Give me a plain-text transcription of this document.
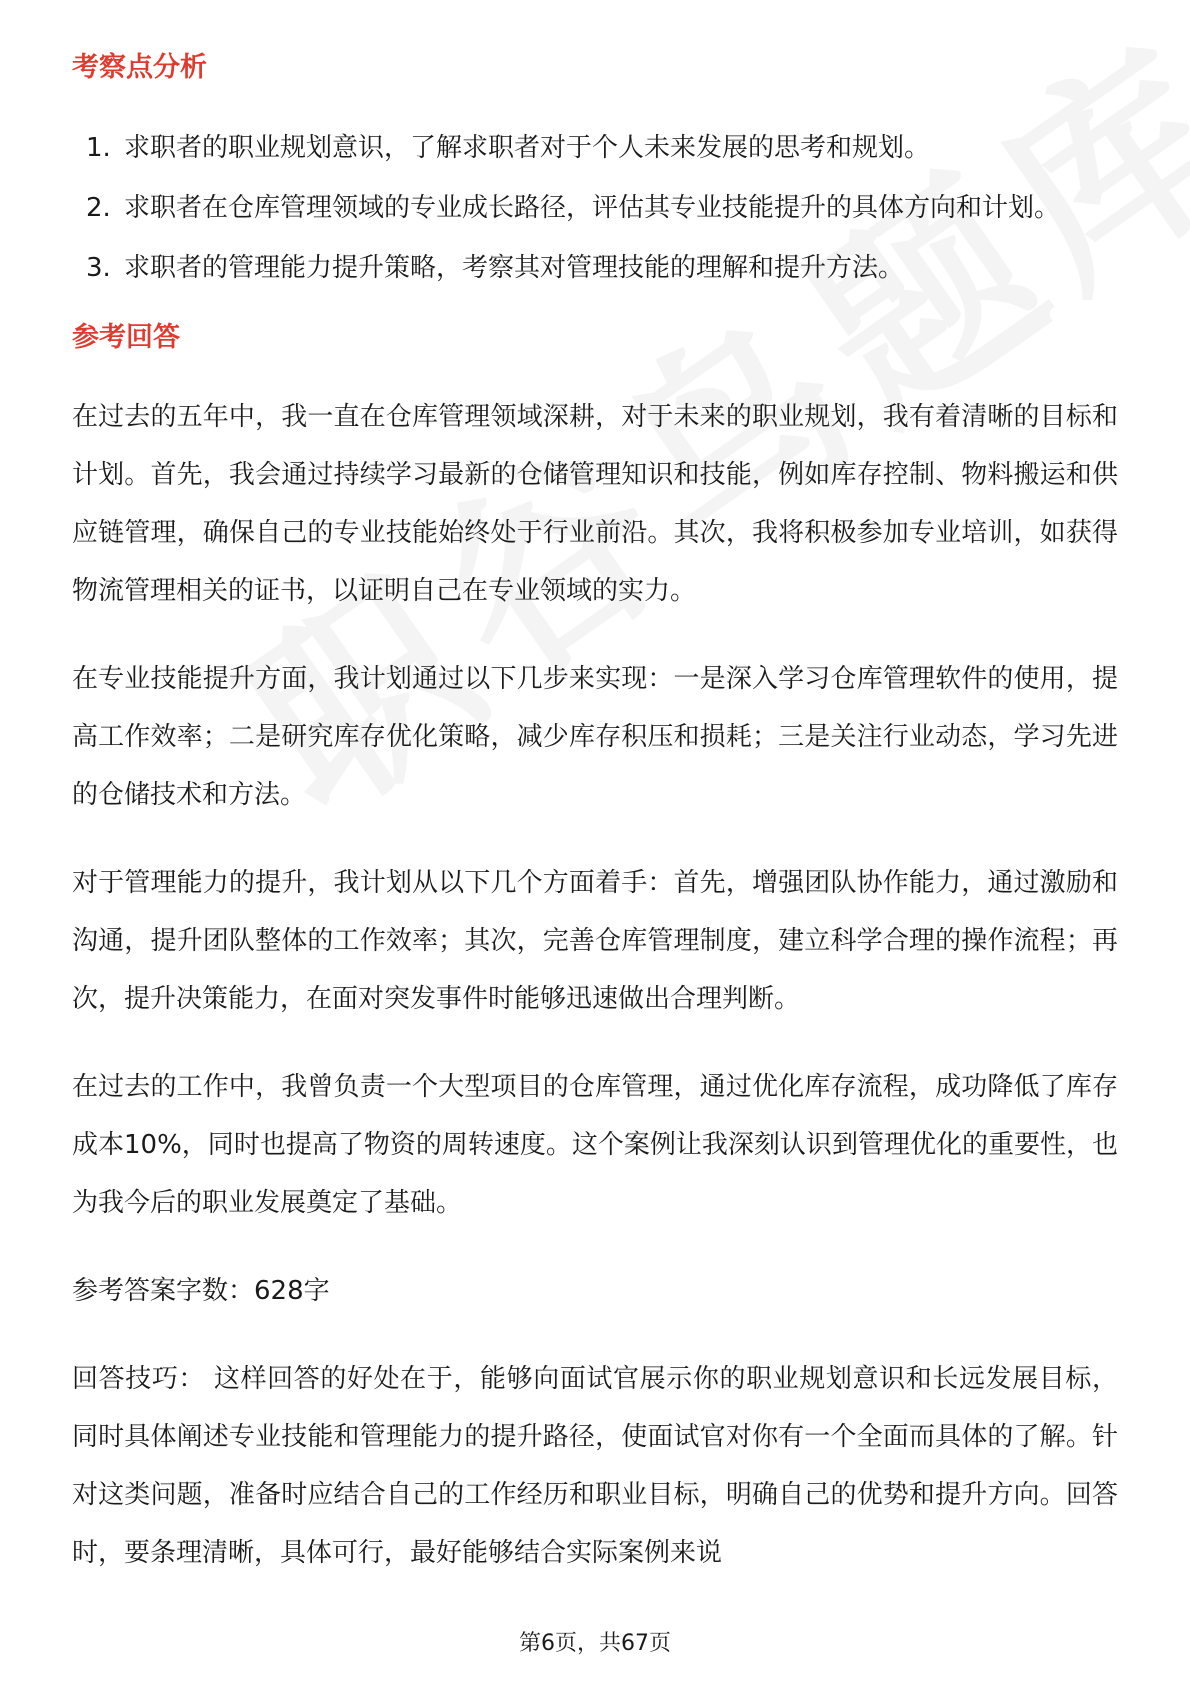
考察点分析
1. 求职者的职业规划意识，了解求职者对于个人未来发展的思考和规划。
2. 求职者在仓库管理领域的专业成长路径，评估其专业技能提升的具体方向和计划。
3. 求职者的管理能力提升策略，考察其对管理技能的理解和提升方法。
参考回答

在过去的五年中，我一直在仓库管理领域深耕，对于未来的职业规划，我有着清晰的目标和计划。首先，我会通过持续学习最新的仓储管理知识和技能，例如库存控制、物料搬运和供应链管理，确保自己的专业技能始终处于行业前沿。其次，我将积极参加专业培训，如获得物流管理相关的证书，以证明自己在专业领域的实力。

在专业技能提升方面，我计划通过以下几步来实现：一是深入学习仓库管理软件的使用，提高工作效率；二是研究库存优化策略，减少库存积压和损耗；三是关注行业动态，学习先进的仓储技术和方法。

对于管理能力的提升，我计划从以下几个方面着手：首先，增强团队协作能力，通过激励和沟通，提升团队整体的工作效率；其次，完善仓库管理制度，建立科学合理的操作流程；再次，提升决策能力，在面对突发事件时能够迅速做出合理判断。

在过去的工作中，我曾负责一个大型项目的仓库管理，通过优化库存流程，成功降低了库存成本10%，同时也提高了物资的周转速度。这个案例让我深刻认识到管理优化的重要性，也为我今后的职业发展奠定了基础。

参考答案字数：628字

回答技巧： 这样回答的好处在于，能够向面试官展示你的职业规划意识和长远发展目标，同时具体阐述专业技能和管理能力的提升路径，使面试官对你有一个全面而具体的了解。针对这类问题，准备时应结合自己的工作经历和职业目标，明确自己的优势和提升方向。回答时，要条理清晰，具体可行，最好能够结合实际案例来说

第6页，共67页
